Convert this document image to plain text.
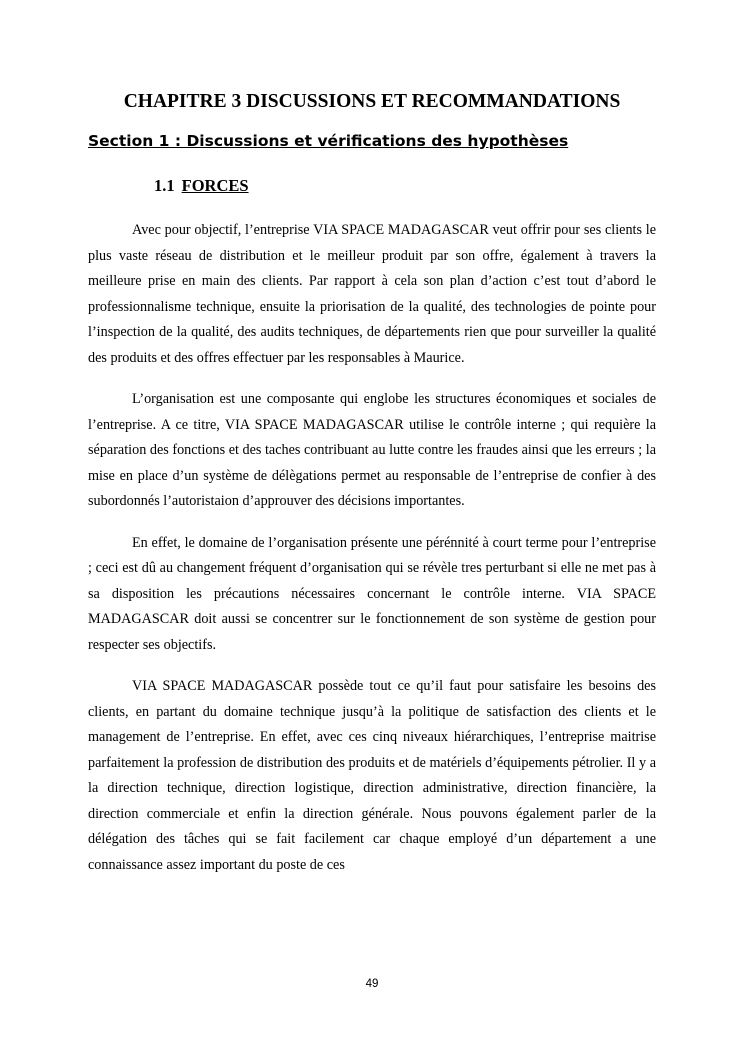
CHAPITRE 3 DISCUSSIONS ET RECOMMANDATIONS
Section 1 : Discussions et vérifications des hypothèses
1.1 FORCES

Avec pour objectif, l’entreprise VIA SPACE MADAGASCAR veut offrir pour ses clients le plus vaste réseau de distribution et le meilleur produit par son offre, également à travers la meilleure prise en main des clients. Par rapport à cela son plan d’action c’est tout d’abord le professionnalisme technique, ensuite la priorisation de la qualité, des technologies de pointe pour l’inspection de la qualité, des audits techniques, de départements rien que pour surveiller la qualité des produits et des offres effectuer par les responsables à Maurice.

L’organisation est une composante qui englobe les structures économiques et sociales de l’entreprise. A ce titre, VIA SPACE MADAGASCAR utilise le contrôle interne ; qui requière la séparation des fonctions et des taches contribuant au lutte contre les fraudes ainsi que les erreurs ; la mise en place d’un système de délègations permet au responsable de l’entreprise de confier à des subordonnés l’autoristaion d’approuver des décisions importantes.

En effet, le domaine de l’organisation présente une pérénnité à court terme pour l’entreprise ; ceci est dû au changement fréquent d’organisation qui se révèle tres perturbant si elle ne met pas à sa disposition les précautions nécessaires concernant le contrôle interne. VIA SPACE MADAGASCAR doit aussi se concentrer sur le fonctionnement de son système de gestion pour respecter ses objectifs.

VIA SPACE MADAGASCAR possède tout ce qu’il faut pour satisfaire les besoins des clients, en partant du domaine technique jusqu’à la politique de satisfaction des clients et le management de l’entreprise. En effet, avec ces cinq niveaux hiérarchiques, l’entreprise maitrise parfaitement la profession de distribution des produits et de matériels d’équipements pétrolier. Il y a la direction technique, direction logistique, direction administrative, direction financière, la direction commerciale et enfin la direction générale. Nous pouvons également parler de la délégation des tâches qui se fait facilement car chaque employé d’un département a une connaissance assez important du poste de ces

49
